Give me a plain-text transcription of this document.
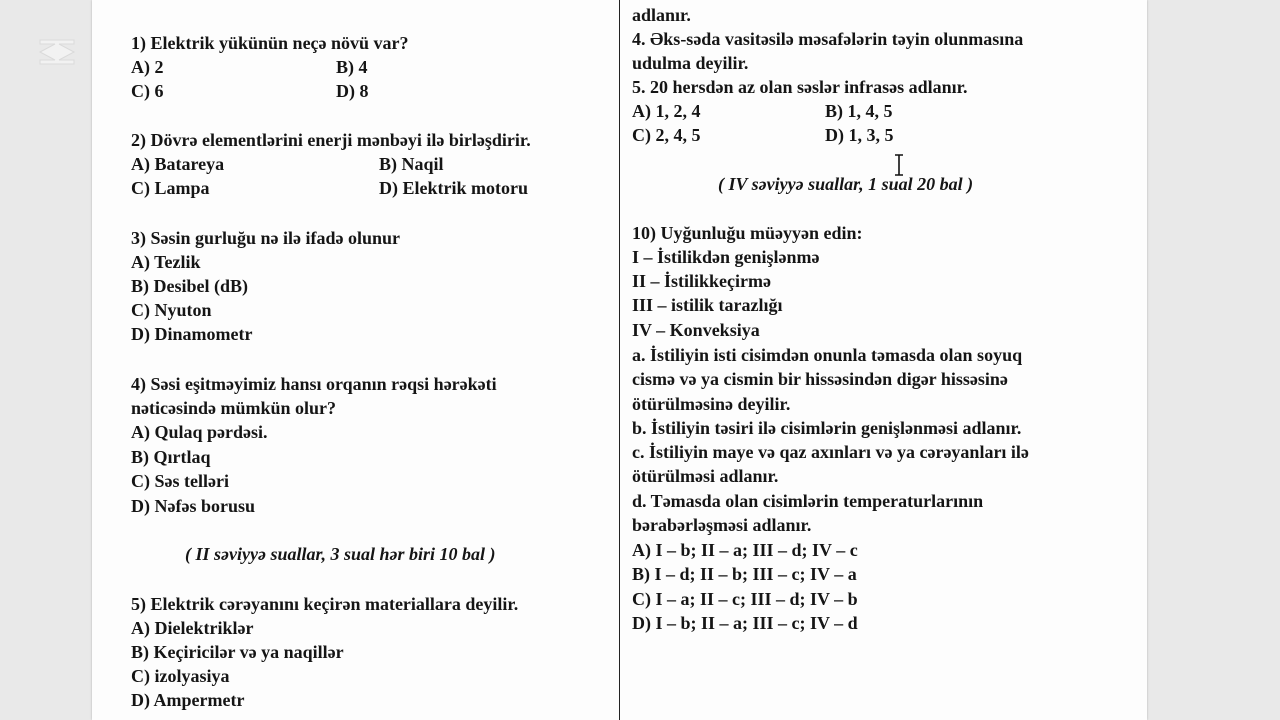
1) Elektrik yükünün neçə növü var?
A) 2	B) 4
C) 6	D) 8
2) Dövrə elementlərini enerji mənbəyi ilə birləşdirir.
A) Batareya	B) Naqil
C) Lampa	D) Elektrik motoru
3) Səsin gurluğu nə ilə ifadə olunur
A) Tezlik
B) Desibel (dB)
C) Nyuton
D) Dinamometr
4) Səsi eşitməyimiz hansı orqanın rəqsi hərəkəti
nəticəsində mümkün olur?
A) Qulaq pərdəsi.
B) Qırtlaq
C) Səs telləri
D) Nəfəs borusu
( II səviyyə suallar, 3 sual hər biri 10 bal )
5) Elektrik cərəyanını keçirən materiallara deyilir.
A) Dielektriklər
B) Keçiricilər və ya naqillər
C) izolyasiya
D) Ampermetr
adlanır.
4. Əks-səda vasitəsilə məsafələrin təyin olunmasına
udulma deyilir.
5. 20 hersdən az olan səslər infrasəs adlanır.
A) 1, 2, 4	B) 1, 4, 5
C) 2, 4, 5	D) 1, 3, 5
( IV səviyyə suallar, 1 sual 20 bal )
10) Uyğunluğu müəyyən edin:
I – İstilikdən genişlənmə
II – İstilikkeçirmə
III – istilik tarazlığı
IV – Konveksiya
a. İstiliyin isti cisimdən onunla təmasda olan soyuq
cismə və ya cismin bir hissəsindən digər hissəsinə
ötürülməsinə deyilir.
b. İstiliyin təsiri ilə cisimlərin genişlənməsi adlanır.
c. İstiliyin maye və qaz axınları və ya cərəyanları ilə
ötürülməsi adlanır.
d. Təmasda olan cisimlərin temperaturlarının
bərabərləşməsi adlanır.
A) I – b; II – a; III – d; IV – c
B) I – d; II – b; III – c; IV – a
C) I – a; II – c; III – d; IV – b
D) I – b; II – a; III – c; IV – d
